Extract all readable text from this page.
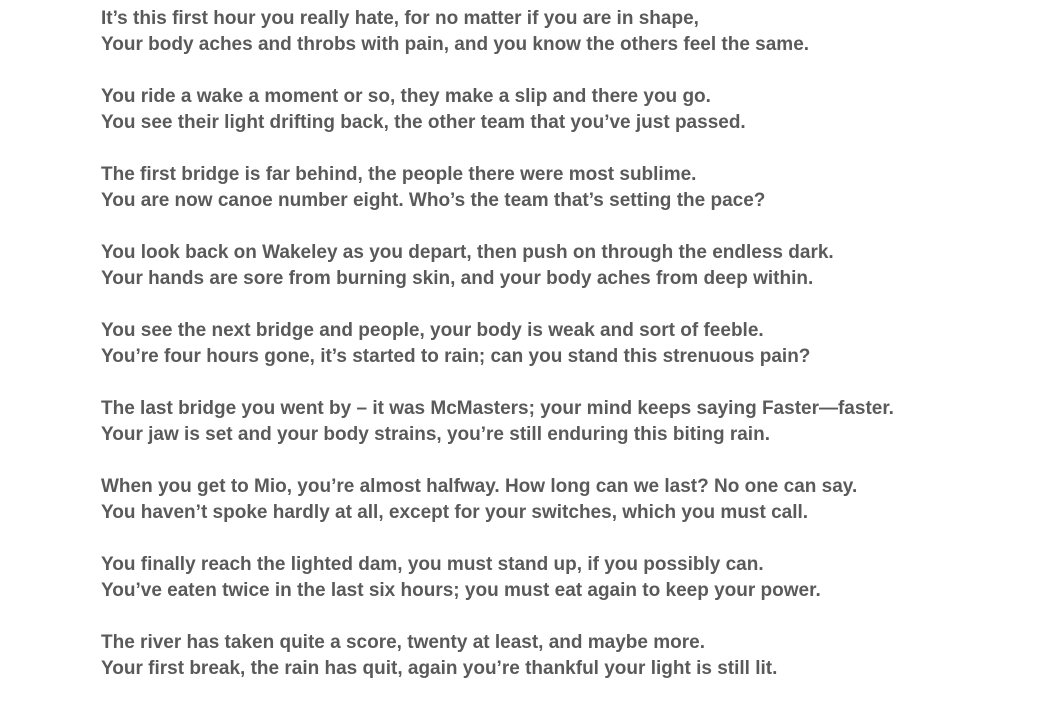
It’s this first hour you really hate, for no matter if you are in shape,
Your body aches and throbs with pain, and you know the others feel the same.
You ride a wake a moment or so, they make a slip and there you go.
You see their light drifting back, the other team that you’ve just passed.
The first bridge is far behind, the people there were most sublime.
You are now canoe number eight. Who’s the team that’s setting the pace?
You look back on Wakeley as you depart, then push on through the endless dark.
Your hands are sore from burning skin, and your body aches from deep within.
You see the next bridge and people, your body is weak and sort of feeble.
You’re four hours gone, it’s started to rain; can you stand this strenuous pain?
The last bridge you went by – it was McMasters; your mind keeps saying Faster—faster.
Your jaw is set and your body strains, you’re still enduring this biting rain.
When you get to Mio, you’re almost halfway. How long can we last? No one can say.
You haven’t spoke hardly at all, except for your switches, which you must call.
You finally reach the lighted dam, you must stand up, if you possibly can.
You’ve eaten twice in the last six hours; you must eat again to keep your power.
The river has taken quite a score, twenty at least, and maybe more.
Your first break, the rain has quit, again you’re thankful your light is still lit.
